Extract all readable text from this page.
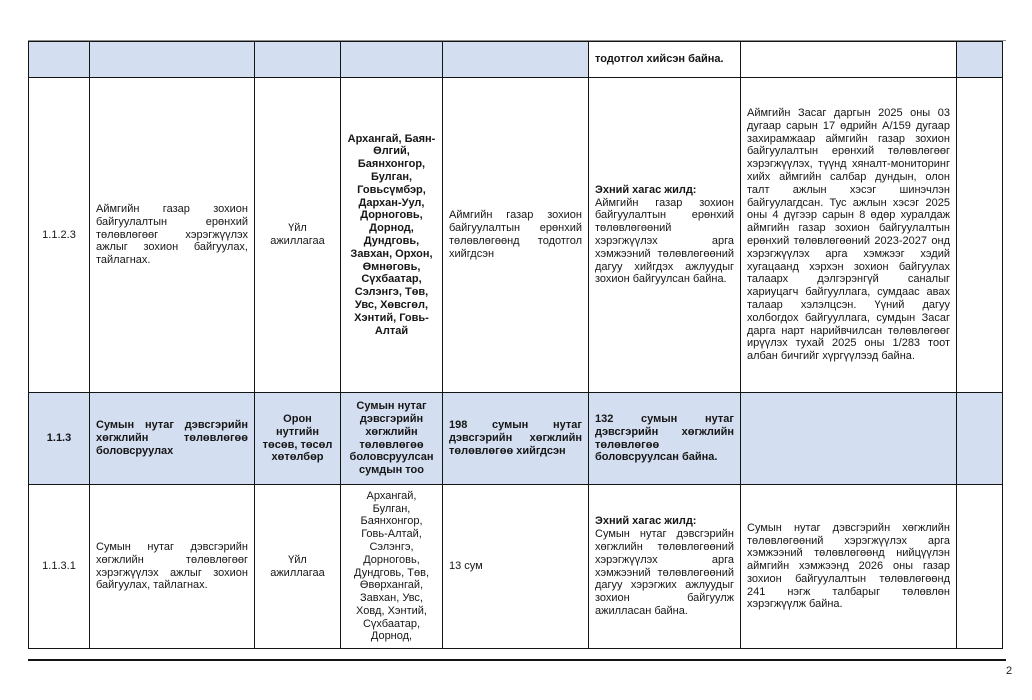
					тодотгол хийсэн байна.		
1.1.2.3	Аймгийн газар зохион байгуулалтын ерөнхий төлөвлөгөөг хэрэгжүүлэх ажлыг зохион байгуулах, тайлагнах.	Үйл ажиллагаа	Архангай, Баян-Өлгий, Баянхонгор, Булган, Говьсүмбэр, Дархан-Уул, Дорноговь, Дорнод, Дундговь, Завхан, Орхон, Өмнөговь, Сүхбаатар, Сэлэнгэ, Төв, Увс, Хөвсгөл, Хэнтий, Говь-Алтай	Аймгийн газар зохион байгуулалтын ерөнхий төлөвлөгөөнд тодотгол хийгдсэн	Эхний хагас жилд:
Аймгийн газар зохион байгуулалтын ерөнхий төлөвлөгөөний хэрэгжүүлэх арга хэмжээний төлөвлөгөөний дагуу хийгдэх ажлуудыг зохион байгуулсан байна.	Аймгийн Засаг даргын 2025 оны 03 дугаар сарын 17 өдрийн А/159 дугаар захирамжаар аймгийн газар зохион байгуулалтын ерөнхий төлөвлөгөөг хэрэгжүүлэх, түүнд хяналт-мониторинг хийх аймгийн салбар дундын, олон талт ажлын хэсэг шинэчлэн байгуулагдсан. Тус ажлын хэсэг 2025 оны 4 дүгээр сарын 8 өдөр хуралдаж аймгийн газар зохион байгуулалтын ерөнхий төлөвлөгөөний 2023-2027 онд хэрэгжүүлэх арга хэмжээг хэдий хугацаанд хэрхэн зохион байгуулах талаарх дэлгэрэнгүй саналыг хариуцагч байгууллага, сумдаас авах талаар хэлэлцсэн. Үүний дагуу холбогдох байгууллага, сумдын Засаг дарга нарт нарийвчилсан төлөвлөгөөг ирүүлэх тухай 2025 оны 1/283 тоот албан бичгийг хүргүүлээд байна.	
1.1.3	Сумын нутаг дэвсгэрийн хөгжлийн төлөвлөгөө боловсруулах	Орон нутгийн төсөв, төсөл хөтөлбөр	Сумын нутаг дэвсгэрийн хөгжлийн төлөвлөгөө боловсруулсан сумдын тоо	198 сумын нутаг дэвсгэрийн хөгжлийн төлөвлөгөө хийгдсэн	132 сумын нутаг дэвсгэрийн хөгжлийн төлөвлөгөө боловсруулсан байна.		
1.1.3.1	Сумын нутаг дэвсгэрийн хөгжлийн төлөвлөгөөг хэрэгжүүлэх ажлыг зохион байгуулах, тайлагнах.	Үйл ажиллагаа	Архангай, Булган, Баянхонгор, Говь-Алтай, Сэлэнгэ, Дорноговь, Дундговь, Төв, Өвөрхангай, Завхан, Увс, Ховд, Хэнтий, Сүхбаатар, Дорнод,	13 сум	Эхний хагас жилд:
Сумын нутаг дэвсгэрийн хөгжлийн төлөвлөгөөний хэрэгжүүлэх арга хэмжээний төлөвлөгөөний дагуу хэрэгжих ажлуудыг зохион байгуулж ажилласан байна.	Сумын нутаг дэвсгэрийн хөгжлийн төлөвлөгөөний хэрэгжүүлэх арга хэмжээний төлөвлөгөөнд нийцүүлэн аймгийн хэмжээнд 2026 оны газар зохион байгуулалтын төлөвлөгөөнд 241 нэгж талбарыг төлөвлөн хэрэгжүүлж байна.	
2
